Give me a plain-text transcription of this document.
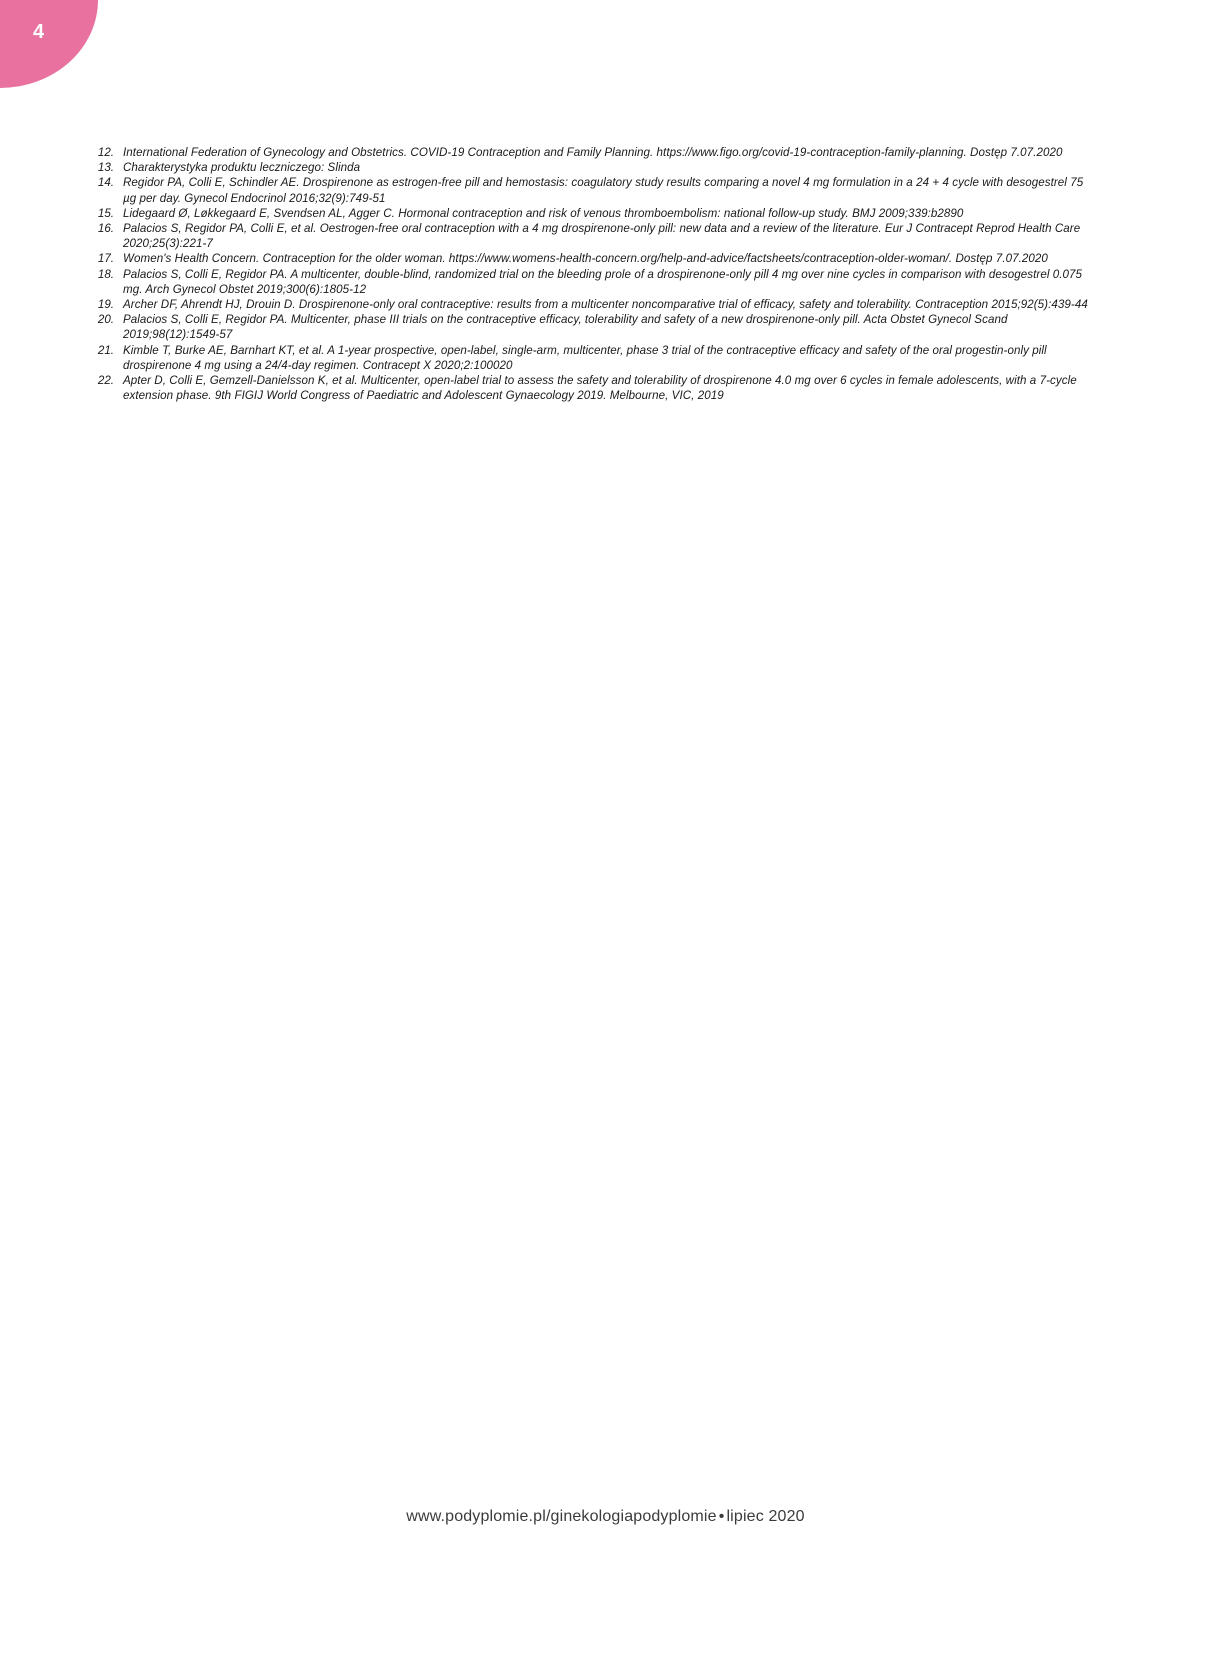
4
12. International Federation of Gynecology and Obstetrics. COVID-19 Contraception and Family Planning. https://www.figo.org/covid-19-contraception-family-planning. Dostęp 7.07.2020
13. Charakterystyka produktu leczniczego: Slinda
14. Regidor PA, Colli E, Schindler AE. Drospirenone as estrogen-free pill and hemostasis: coagulatory study results comparing a novel 4 mg formulation in a 24 + 4 cycle with desogestrel 75 µg per day. Gynecol Endocrinol 2016;32(9):749-51
15. Lidegaard Ø, Løkkegaard E, Svendsen AL, Agger C. Hormonal contraception and risk of venous thromboembolism: national follow-up study. BMJ 2009;339:b2890
16. Palacios S, Regidor PA, Colli E, et al. Oestrogen-free oral contraception with a 4 mg drospirenone-only pill: new data and a review of the literature. Eur J Contracept Reprod Health Care 2020;25(3):221-7
17. Women's Health Concern. Contraception for the older woman. https://www.womens-health-concern.org/help-and-advice/factsheets/contraception-older-woman/. Dostęp 7.07.2020
18. Palacios S, Colli E, Regidor PA. A multicenter, double-blind, randomized trial on the bleeding prole of a drospirenone-only pill 4 mg over nine cycles in comparison with desogestrel 0.075 mg. Arch Gynecol Obstet 2019;300(6):1805-12
19. Archer DF, Ahrendt HJ, Drouin D. Drospirenone-only oral contraceptive: results from a multicenter noncomparative trial of efficacy, safety and tolerability. Contraception 2015;92(5):439-44
20. Palacios S, Colli E, Regidor PA. Multicenter, phase III trials on the contraceptive efficacy, tolerability and safety of a new drospirenone-only pill. Acta Obstet Gynecol Scand 2019;98(12):1549-57
21. Kimble T, Burke AE, Barnhart KT, et al. A 1-year prospective, open-label, single-arm, multicenter, phase 3 trial of the contraceptive efficacy and safety of the oral progestin-only pill drospirenone 4 mg using a 24/4-day regimen. Contracept X 2020;2:100020
22. Apter D, Colli E, Gemzell-Danielsson K, et al. Multicenter, open-label trial to assess the safety and tolerability of drospirenone 4.0 mg over 6 cycles in female adolescents, with a 7-cycle extension phase. 9th FIGIJ World Congress of Paediatric and Adolescent Gynaecology 2019. Melbourne, VIC, 2019
www.podyplomie.pl/ginekologiapodyplomie • lipiec 2020
